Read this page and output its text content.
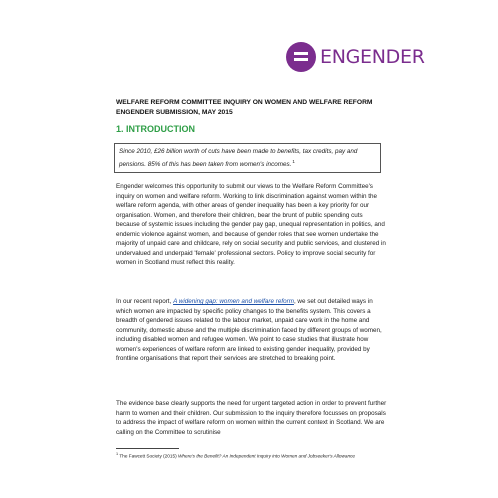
ENGENDER
WELFARE REFORM COMMITTEE INQUIRY ON WOMEN AND WELFARE REFORM
ENGENDER SUBMISSION, MAY 2015
1. INTRODUCTION
Since 2010, £26 billion worth of cuts have been made to benefits, tax credits, pay and pensions. 85% of this has been taken from women's incomes.$^1$

Engender welcomes this opportunity to submit our views to the Welfare Reform Committee's inquiry on women and welfare reform. Working to link discrimination against women within the welfare reform agenda, with other areas of gender inequality has been a key priority for our organisation. Women, and therefore their children, bear the brunt of public spending cuts because of systemic issues including the gender pay gap, unequal representation in politics, and endemic violence against women, and because of gender roles that see women undertake the majority of unpaid care and childcare, rely on social security and public services, and clustered in undervalued and underpaid 'female' professional sectors. Policy to improve social security for women in Scotland must reflect this reality.

In our recent report, A widening gap: women and welfare reform, we set out detailed ways in which women are impacted by specific policy changes to the benefits system. This covers a breadth of gendered issues related to the labour market, unpaid care work in the home and community, domestic abuse and the multiple discrimination faced by different groups of women, including disabled women and refugee women. We point to case studies that illustrate how women's experiences of welfare reform are linked to existing gender inequality, provided by frontline organisations that report their services are stretched to breaking point.

The evidence base clearly supports the need for urgent targeted action in order to prevent further harm to women and their children. Our submission to the inquiry therefore focusses on proposals to address the impact of welfare reform on women within the current context in Scotland. We are calling on the Committee to scrutinise

$^1$ The Fawcett Society (2015) Where's the Benefit? An Independent Inquiry into Women and Jobseeker's Allowance
